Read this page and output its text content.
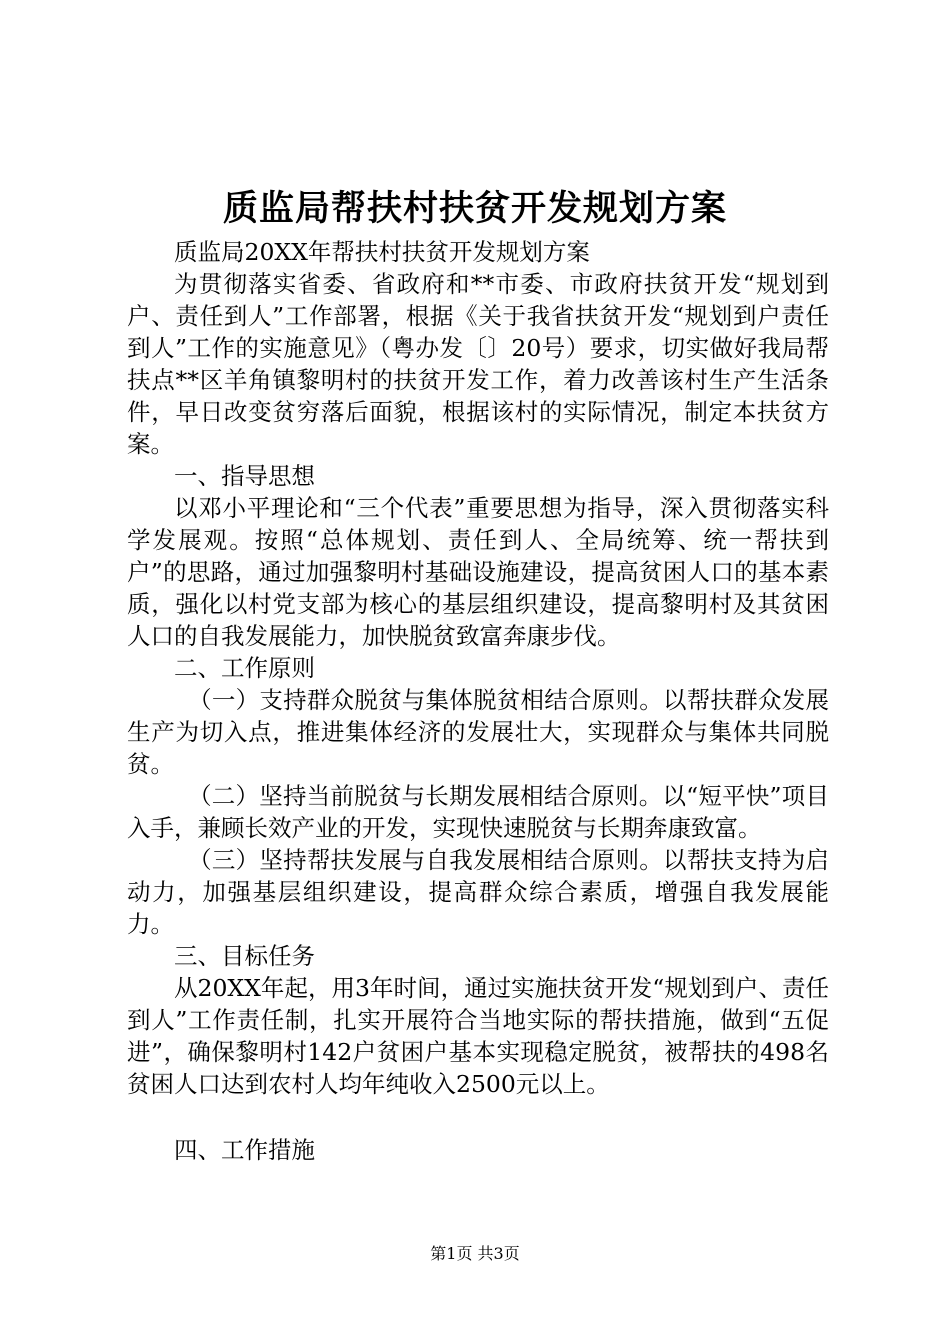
质监局帮扶村扶贫开发规划方案

质监局20XX年帮扶村扶贫开发规划方案

为贯彻落实省委、省政府和**市委、市政府扶贫开发“规划到户、责任到人”工作部署，根据《关于我省扶贫开发“规划到户责任到人”工作的实施意见》（粤办发〔〕20号）要求，切实做好我局帮扶点**区羊角镇黎明村的扶贫开发工作，着力改善该村生产生活条件，早日改变贫穷落后面貌，根据该村的实际情况，制定本扶贫方案。

一、指导思想

以邓小平理论和“三个代表”重要思想为指导，深入贯彻落实科学发展观。按照“总体规划、责任到人、全局统筹、统一帮扶到户”的思路，通过加强黎明村基础设施建设，提高贫困人口的基本素质，强化以村党支部为核心的基层组织建设，提高黎明村及其贫困人口的自我发展能力，加快脱贫致富奔康步伐。

二、工作原则

（一）支持群众脱贫与集体脱贫相结合原则。以帮扶群众发展生产为切入点，推进集体经济的发展壮大，实现群众与集体共同脱贫。

（二）坚持当前脱贫与长期发展相结合原则。以“短平快”项目入手，兼顾长效产业的开发，实现快速脱贫与长期奔康致富。

（三）坚持帮扶发展与自我发展相结合原则。以帮扶支持为启动力，加强基层组织建设，提高群众综合素质，增强自我发展能力。

三、目标任务

从20XX年起，用3年时间，通过实施扶贫开发“规划到户、责任到人”工作责任制，扎实开展符合当地实际的帮扶措施，做到“五促进”，确保黎明村142户贫困户基本实现稳定脱贫，被帮扶的498名贫困人口达到农村人均年纯收入2500元以上。

四、工作措施

第1页 共3页
